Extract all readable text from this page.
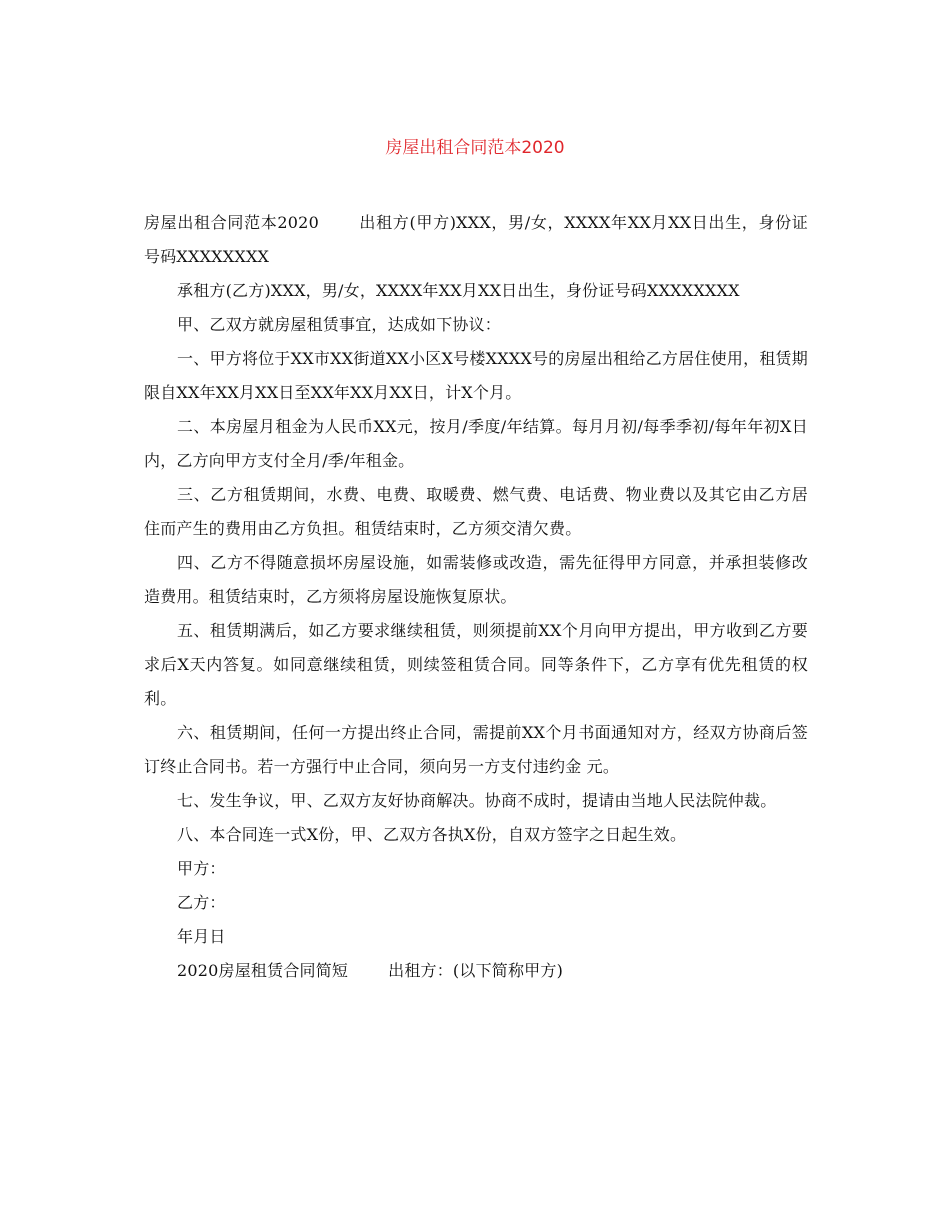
房屋出租合同范本2020

房屋出租合同范本2020	出租方(甲方)XXX，男/女，XXXX年XX月XX日出生，身份证号码XXXXXXXX

承租方(乙方)XXX，男/女，XXXX年XX月XX日出生，身份证号码XXXXXXXX

甲、乙双方就房屋租赁事宜，达成如下协议：

一、甲方将位于XX市XX街道XX小区X号楼XXXX号的房屋出租给乙方居住使用，租赁期限自XX年XX月XX日至XX年XX月XX日，计X个月。

二、本房屋月租金为人民币XX元，按月/季度/年结算。每月月初/每季季初/每年年初X日内，乙方向甲方支付全月/季/年租金。

三、乙方租赁期间，水费、电费、取暖费、燃气费、电话费、物业费以及其它由乙方居住而产生的费用由乙方负担。租赁结束时，乙方须交清欠费。

四、乙方不得随意损坏房屋设施，如需装修或改造，需先征得甲方同意，并承担装修改造费用。租赁结束时，乙方须将房屋设施恢复原状。

五、租赁期满后，如乙方要求继续租赁，则须提前XX个月向甲方提出，甲方收到乙方要求后X天内答复。如同意继续租赁，则续签租赁合同。同等条件下，乙方享有优先租赁的权利。

六、租赁期间，任何一方提出终止合同，需提前XX个月书面通知对方，经双方协商后签订终止合同书。若一方强行中止合同，须向另一方支付违约金 元。

七、发生争议，甲、乙双方友好协商解决。协商不成时，提请由当地人民法院仲裁。

八、本合同连一式X份，甲、乙双方各执X份，自双方签字之日起生效。

甲方：

乙方：

年月日

2020房屋租赁合同简短	出租方：(以下简称甲方)
